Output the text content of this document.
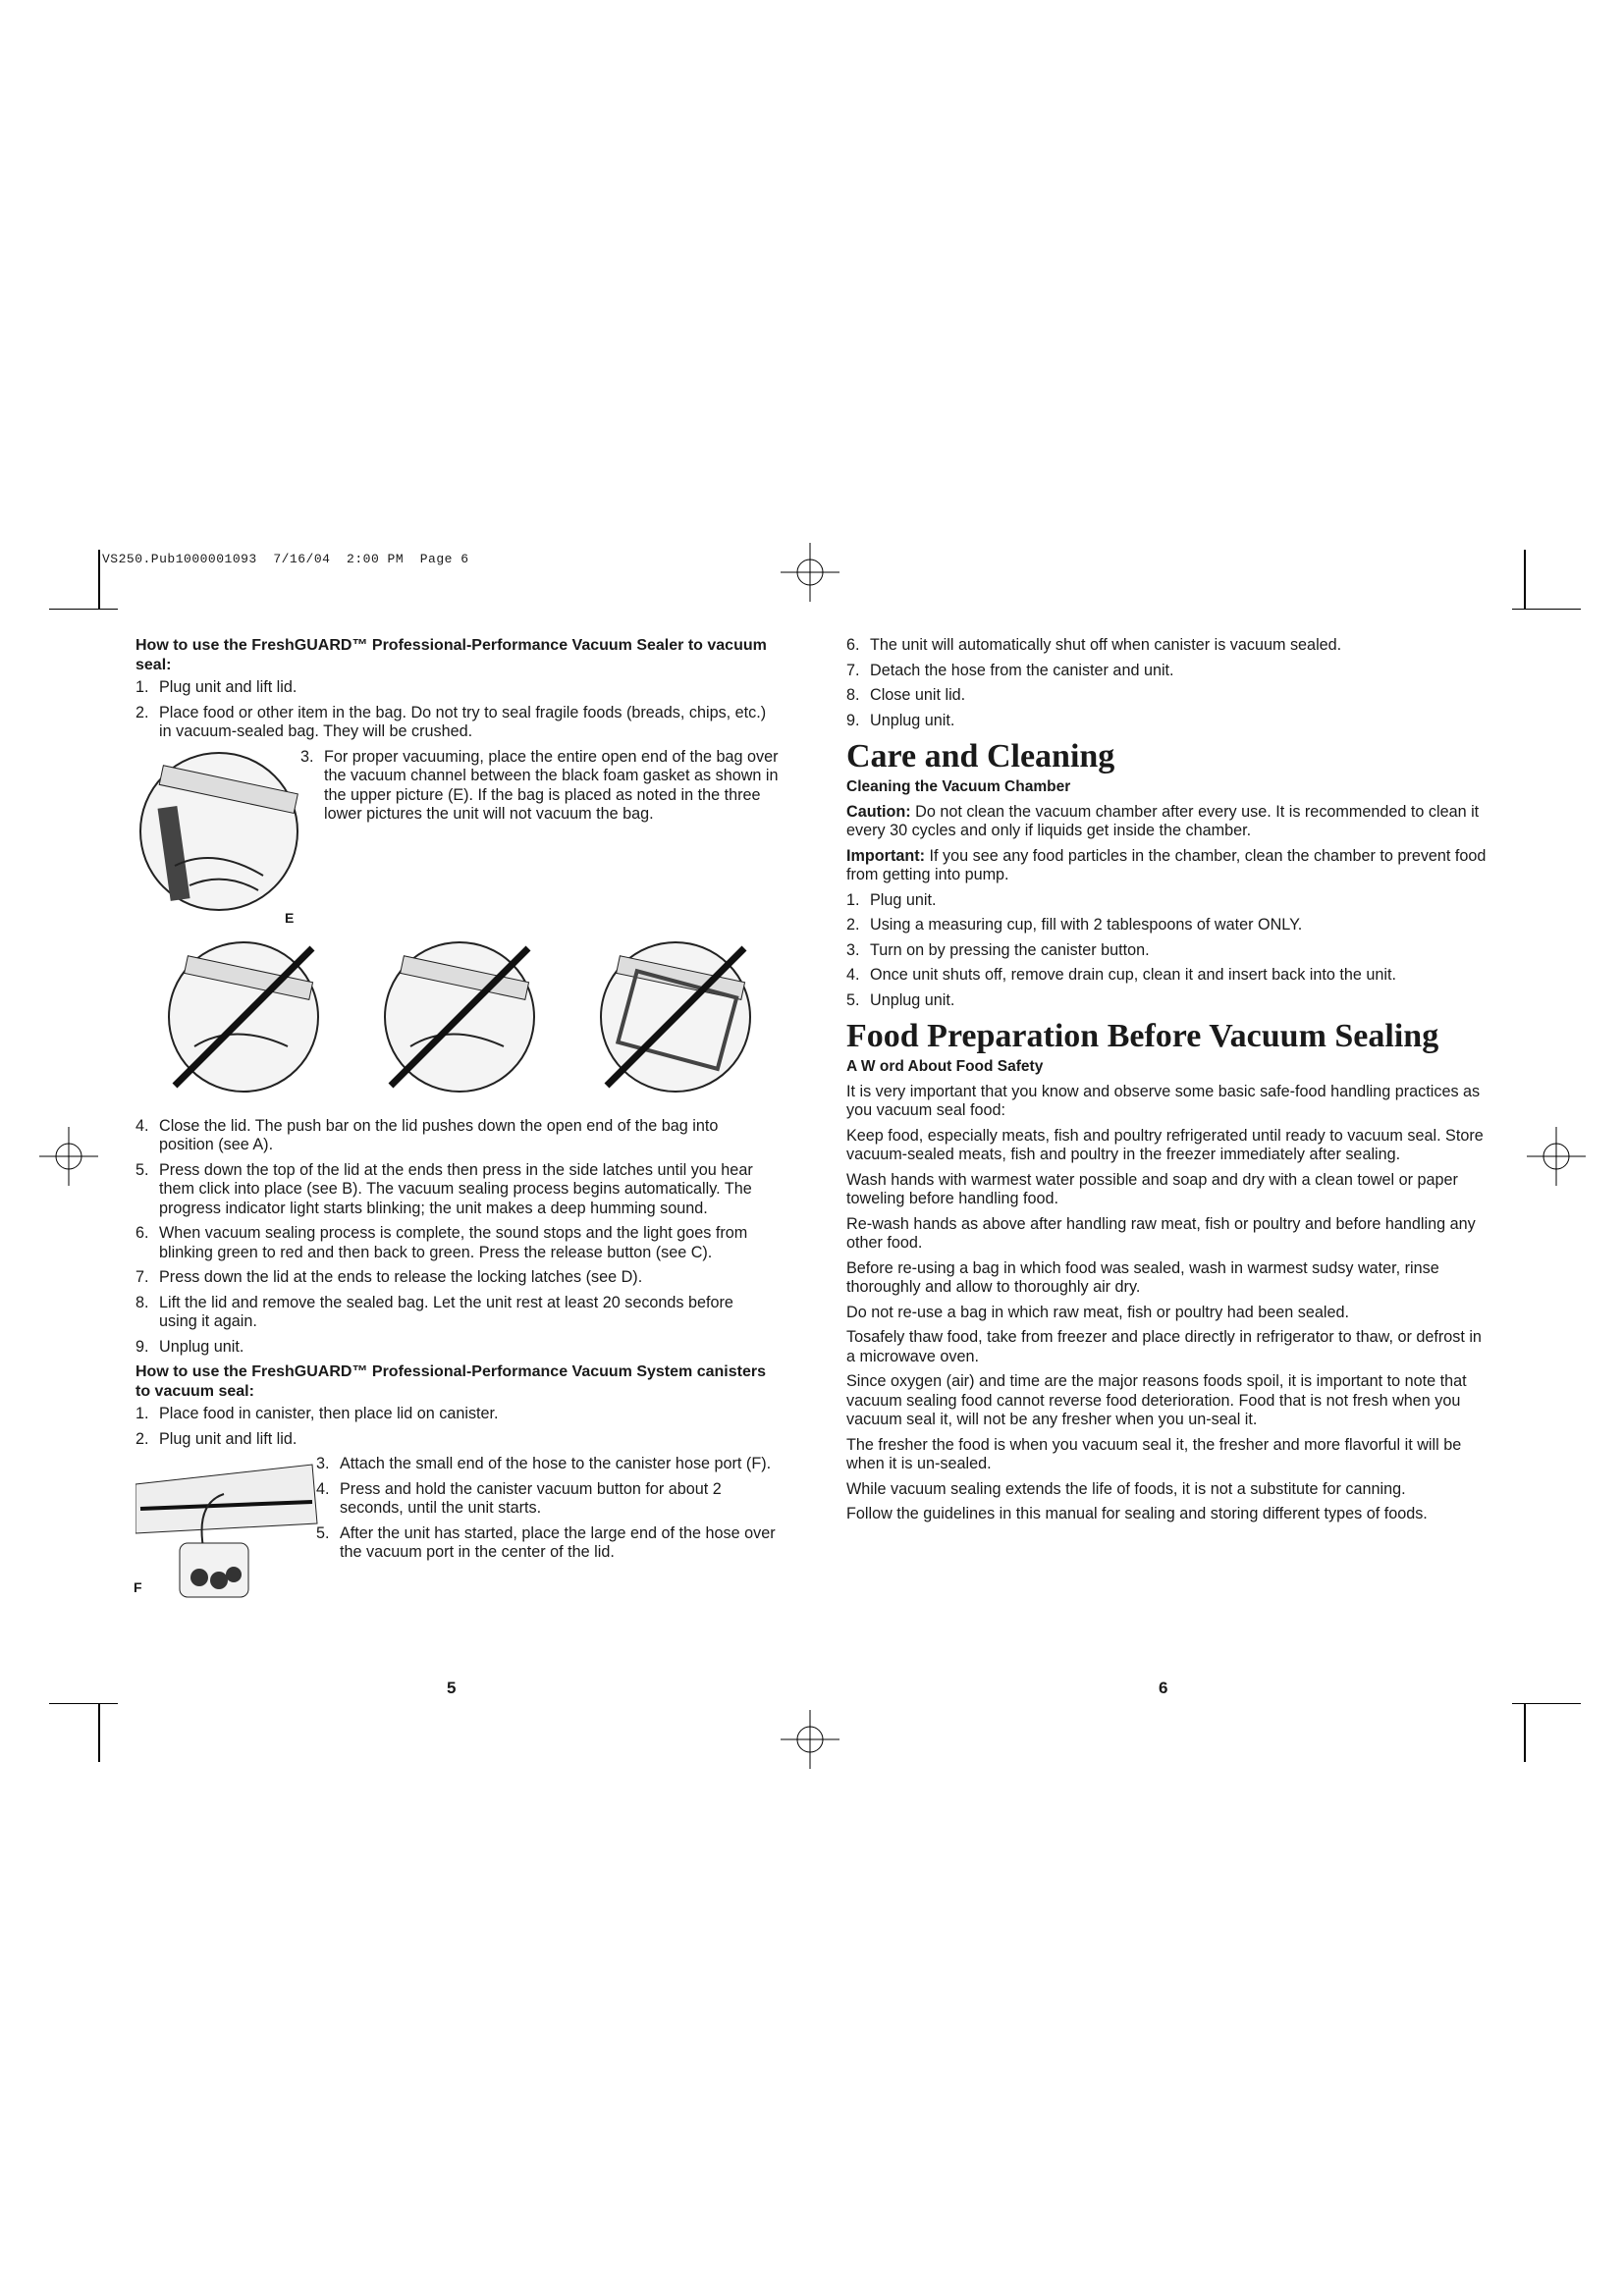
VS250.Pub1000001093  7/16/04  2:00 PM  Page 6
How to use the FreshGUARD™ Professional-Performance Vacuum Sealer to vacuum seal:
1. Plug unit and lift lid.
2. Place food or other item in the bag. Do not try to seal fragile foods (breads, chips, etc.) in vacuum-sealed bag. They will be crushed.
E
3. For proper vacuuming, place the entire open end of the bag over the vacuum channel between the black foam gasket as shown in the upper picture (E). If the bag is placed as noted in the three lower pictures the unit will not vacuum the bag.
4. Close the lid. The push bar on the lid pushes down the open end of the bag into position (see A).
5. Press down the top of the lid at the ends then press in the side latches until you hear them click into place (see B). The vacuum sealing process begins automatically. The progress indicator light starts blinking; the unit makes a deep humming sound.
6. When vacuum sealing process is complete, the sound stops and the light goes from blinking green to red and then back to green. Press the release button (see C).
7. Press down the lid at the ends to release the locking latches (see D).
8. Lift the lid and remove the sealed bag. Let the unit rest at least 20 seconds before using it again.
9. Unplug unit.
How to use the FreshGUARD™ Professional-Performance Vacuum System canisters to vacuum seal:
1. Place food in canister, then place lid on canister.
2. Plug unit and lift lid.
F
3. Attach the small end of the hose to the canister hose port (F).
4. Press and hold the canister vacuum button for about 2 seconds, until the unit starts.
5. After the unit has started, place the large end of the hose over the vacuum port in the center of the lid.
5
6. The unit will automatically shut off when canister is vacuum sealed.
7. Detach the hose from the canister and unit.
8. Close unit lid.
9. Unplug unit.
Care and Cleaning
Cleaning the Vacuum Chamber
Caution: Do not clean the vacuum chamber after every use. It is recommended to clean it every 30 cycles and only if liquids get inside the chamber.
Important: If you see any food particles in the chamber, clean the chamber to prevent food from getting into pump.
1. Plug unit.
2. Using a measuring cup, fill with 2 tablespoons of water ONLY.
3. Turn on by pressing the canister button.
4. Once unit shuts off, remove drain cup, clean it and insert back into the unit.
5. Unplug unit.
Food Preparation Before Vacuum Sealing
A W ord About Food Safety
It is very important that you know and observe some basic safe-food handling practices as you vacuum seal food:
Keep food, especially meats, fish and poultry refrigerated until ready to vacuum seal. Store vacuum-sealed meats, fish and poultry in the freezer immediately after sealing.
Wash hands with warmest water possible and soap and dry with a clean towel or paper toweling before handling food.
Re-wash hands as above after handling raw meat, fish or poultry and before handling any other food.
Before re-using a bag in which food was sealed, wash in warmest sudsy water, rinse thoroughly and allow to thoroughly air dry.
Do not re-use a bag in which raw meat, fish or poultry had been sealed.
Tosafely thaw food, take from freezer and place directly in refrigerator to thaw, or defrost in a microwave oven.
Since oxygen (air) and time are the major reasons foods spoil, it is important to note that vacuum sealing food cannot reverse food deterioration. Food that is not fresh when you vacuum seal it, will not be any fresher when you un-seal it.
The fresher the food is when you vacuum seal it, the fresher and more flavorful it will be when it is un-sealed.
While vacuum sealing extends the life of foods, it is not a substitute for canning.
Follow the guidelines in this manual for sealing and storing different types of foods.
6
